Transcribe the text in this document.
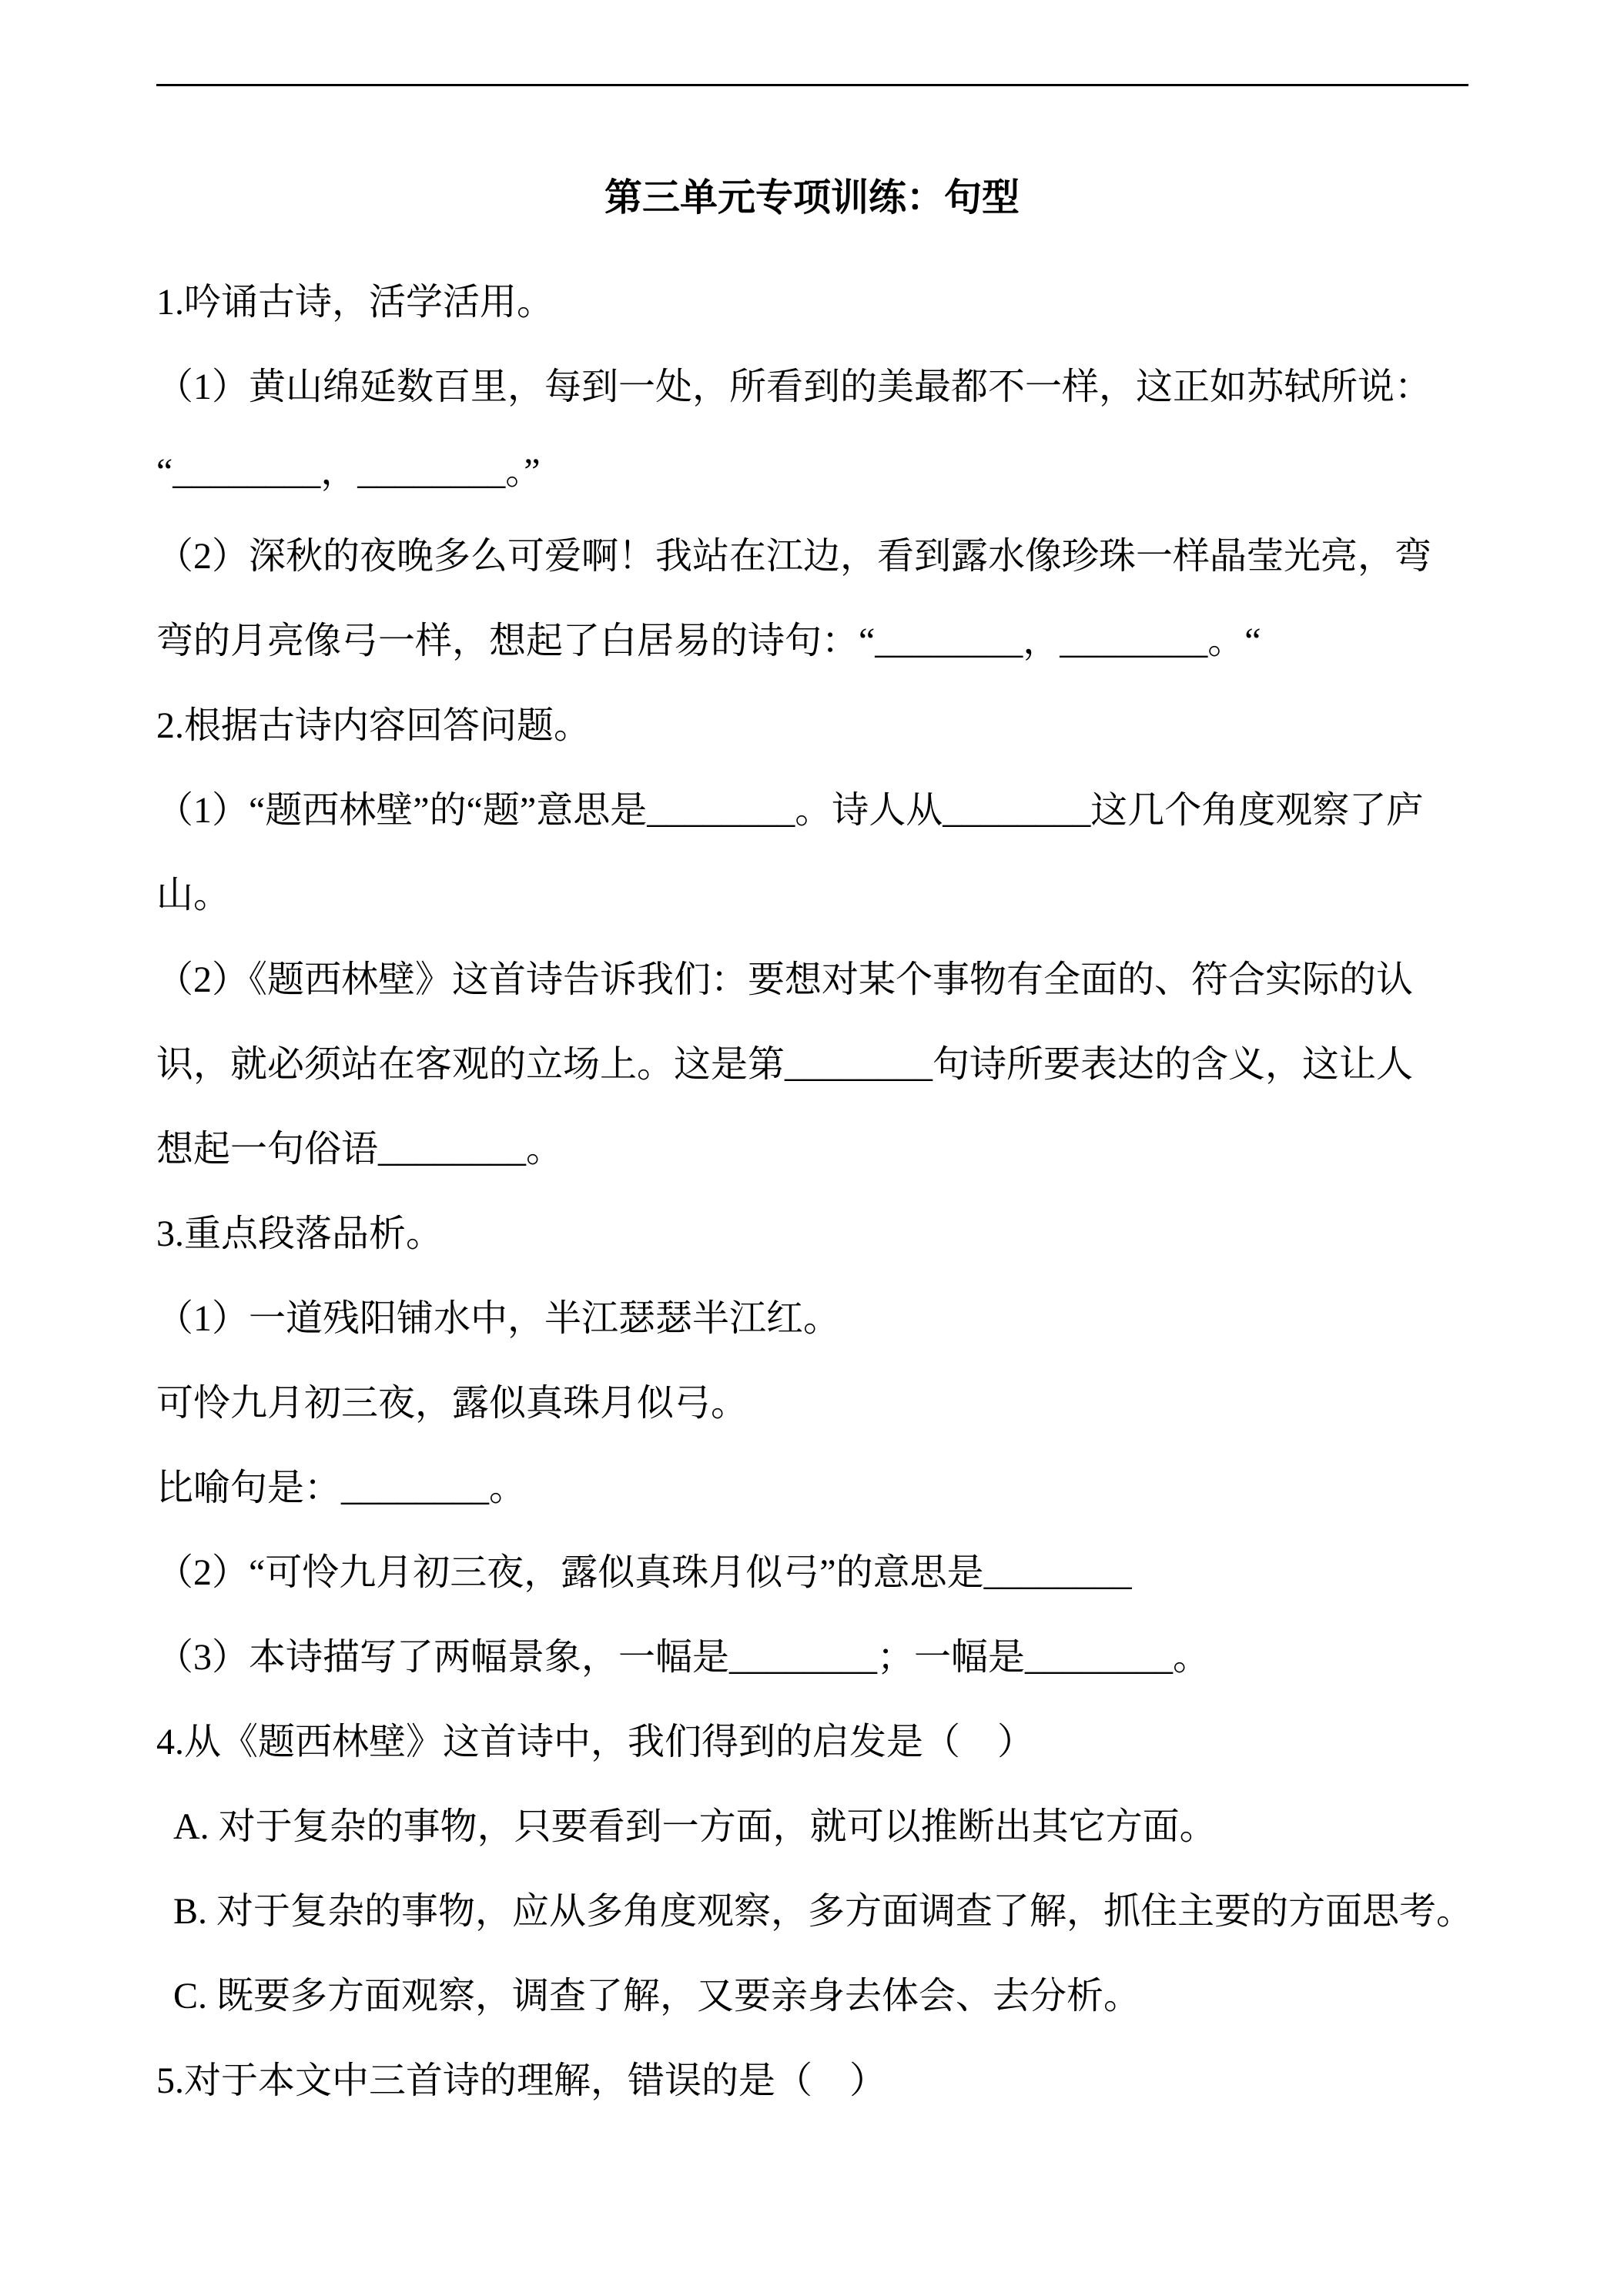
第三单元专项训练：句型
1.吟诵古诗，活学活用。
（1）黄山绵延数百里，每到一处，所看到的美最都不一样，这正如苏轼所说：
“________，________。”
（2）深秋的夜晚多么可爱啊！我站在江边，看到露水像珍珠一样晶莹光亮，弯
弯的月亮像弓一样，想起了白居易的诗句：“________，________。“
2.根据古诗内容回答问题。
（1）“题西林壁”的“题”意思是________。诗人从________这几个角度观察了庐
山。
（2）《题西林壁》这首诗告诉我们：要想对某个事物有全面的、符合实际的认
识，就必须站在客观的立场上。这是第________句诗所要表达的含义，这让人
想起一句俗语________。
3.重点段落品析。
（1）一道残阳铺水中，半江瑟瑟半江红。
可怜九月初三夜，露似真珠月似弓。
比喻句是：________。
（2）“可怜九月初三夜，露似真珠月似弓”的意思是________
（3）本诗描写了两幅景象，一幅是________；一幅是________。
4.从《题西林壁》这首诗中，我们得到的启发是（　）
A. 对于复杂的事物，只要看到一方面，就可以推断出其它方面。
B. 对于复杂的事物，应从多角度观察，多方面调查了解，抓住主要的方面思考。
C. 既要多方面观察，调查了解，又要亲身去体会、去分析。
5.对于本文中三首诗的理解，错误的是（　）
